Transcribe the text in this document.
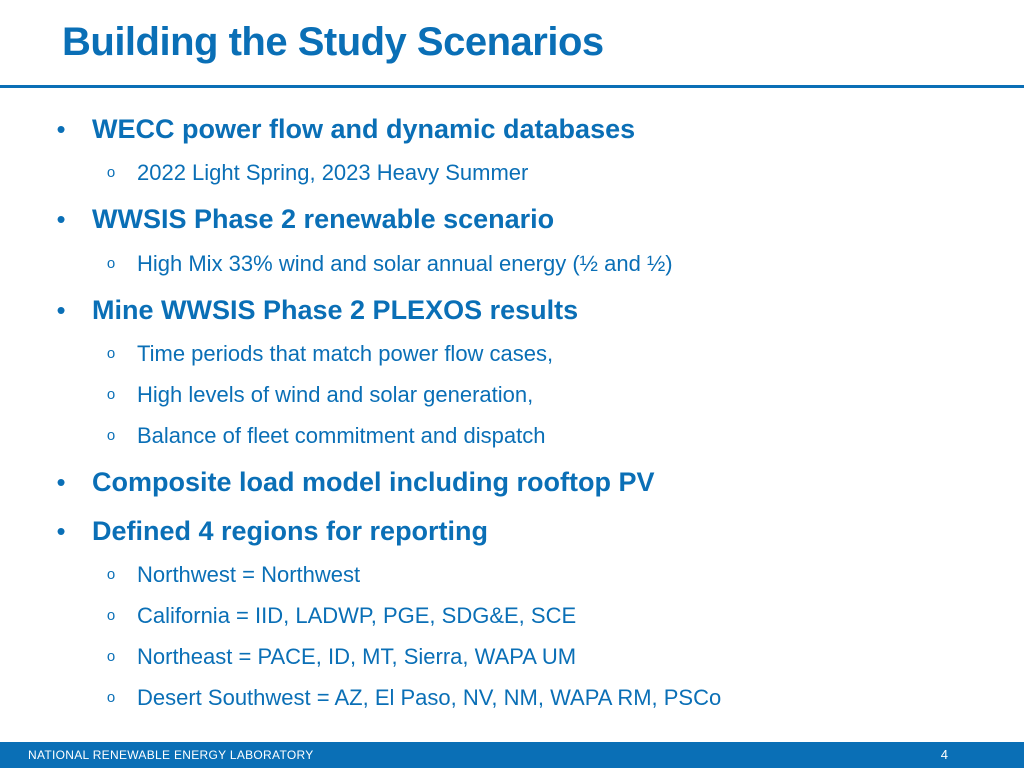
Building the Study Scenarios
• WECC power flow and dynamic databases
o 2022 Light Spring, 2023 Heavy Summer
• WWSIS Phase 2 renewable scenario
o High Mix 33% wind and solar annual energy (½ and ½)
• Mine WWSIS Phase 2 PLEXOS results
o Time periods that match power flow cases,
o High levels of wind and solar generation,
o Balance of fleet commitment and dispatch
• Composite load model including rooftop PV
• Defined 4 regions for reporting
o Northwest = Northwest
o California = IID, LADWP, PGE, SDG&E, SCE
o Northeast = PACE, ID, MT, Sierra, WAPA UM
o Desert Southwest = AZ, El Paso, NV, NM, WAPA RM, PSCo
NATIONAL RENEWABLE ENERGY LABORATORY	4
